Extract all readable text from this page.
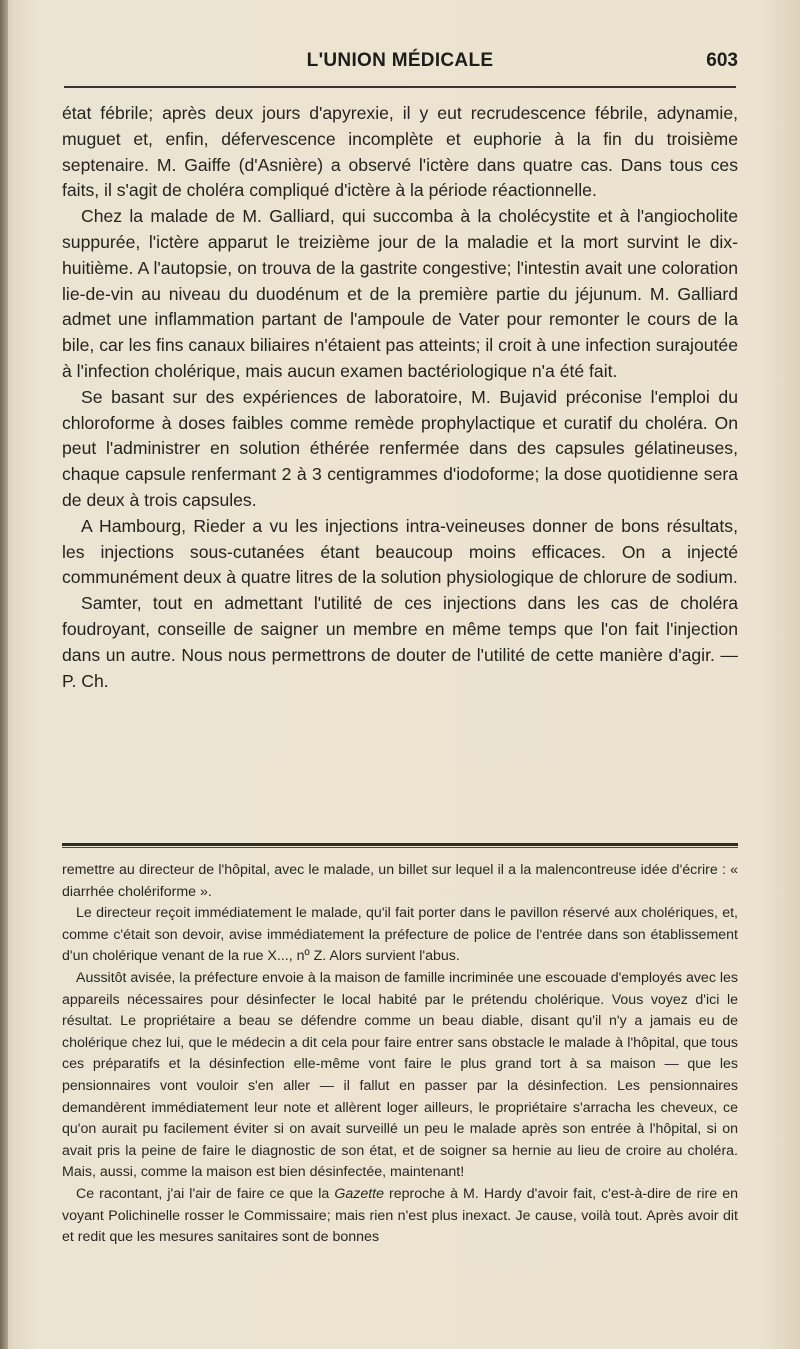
L'UNION MÉDICALE	603

état fébrile; après deux jours d'apyrexie, il y eut recrudescence fébrile, adynamie, muguet et, enfin, défervescence incomplète et euphorie à la fin du troisième septenaire. M. Gaiffe (d'Asnière) a observé l'ictère dans quatre cas. Dans tous ces faits, il s'agit de choléra compliqué d'ictère à la période réactionnelle.

Chez la malade de M. Galliard, qui succomba à la cholécystite et à l'angiocholite suppurée, l'ictère apparut le treizième jour de la maladie et la mort survint le dix-huitième. A l'autopsie, on trouva de la gastrite congestive; l'intestin avait une coloration lie-de-vin au niveau du duodénum et de la première partie du jéjunum. M. Galliard admet une inflammation partant de l'ampoule de Vater pour remonter le cours de la bile, car les fins canaux biliaires n'étaient pas atteints; il croit à une infection surajoutée à l'infection cholérique, mais aucun examen bactériologique n'a été fait.

Se basant sur des expériences de laboratoire, M. Bujavid préconise l'emploi du chloroforme à doses faibles comme remède prophylactique et curatif du choléra. On peut l'administrer en solution éthérée renfermée dans des capsules gélatineuses, chaque capsule renfermant 2 à 3 centigrammes d'iodoforme; la dose quotidienne sera de deux à trois capsules.

A Hambourg, Rieder a vu les injections intra-veineuses donner de bons résultats, les injections sous-cutanées étant beaucoup moins efficaces. On a injecté communément deux à quatre litres de la solution physiologique de chlorure de sodium.

Samter, tout en admettant l'utilité de ces injections dans les cas de choléra foudroyant, conseille de saigner un membre en même temps que l'on fait l'injection dans un autre. Nous nous permettrons de douter de l'utilité de cette manière d'agir. — P. Ch.

remettre au directeur de l'hôpital, avec le malade, un billet sur lequel il a la malencontreuse idée d'écrire : « diarrhée cholériforme ».

Le directeur reçoit immédiatement le malade, qu'il fait porter dans le pavillon réservé aux cholériques, et, comme c'était son devoir, avise immédiatement la préfecture de police de l'entrée dans son établissement d'un cholérique venant de la rue X..., nº Z. Alors survient l'abus.

Aussitôt avisée, la préfecture envoie à la maison de famille incriminée une escouade d'employés avec les appareils nécessaires pour désinfecter le local habité par le prétendu cholérique. Vous voyez d'ici le résultat. Le propriétaire a beau se défendre comme un beau diable, disant qu'il n'y a jamais eu de cholérique chez lui, que le médecin a dit cela pour faire entrer sans obstacle le malade à l'hôpital, que tous ces préparatifs et la désinfection elle-même vont faire le plus grand tort à sa maison — que les pensionnaires vont vouloir s'en aller — il fallut en passer par la désinfection. Les pensionnaires demandèrent immédiatement leur note et allèrent loger ailleurs, le propriétaire s'arracha les cheveux, ce qu'on aurait pu facilement éviter si on avait surveillé un peu le malade après son entrée à l'hôpital, si on avait pris la peine de faire le diagnostic de son état, et de soigner sa hernie au lieu de croire au choléra. Mais, aussi, comme la maison est bien désinfectée, maintenant!

Ce racontant, j'ai l'air de faire ce que la Gazette reproche à M. Hardy d'avoir fait, c'est-à-dire de rire en voyant Polichinelle rosser le Commissaire; mais rien n'est plus inexact. Je cause, voilà tout. Après avoir dit et redit que les mesures sanitaires sont de bonnes
